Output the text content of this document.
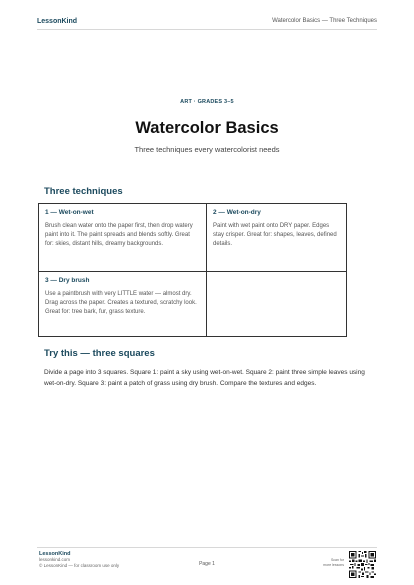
LessonKind	Watercolor Basics — Three Techniques
ART · GRADES 3–5
Watercolor Basics
Three techniques every watercolorist needs
Three techniques
1 — Wet-on-wet
Brush clean water onto the paper first, then drop watery paint into it. The paint spreads and blends softly. Great for: skies, distant hills, dreamy backgrounds.
2 — Wet-on-dry
Paint with wet paint onto DRY paper. Edges stay crisper. Great for: shapes, leaves, defined details.
3 — Dry brush
Use a paintbrush with very LITTLE water — almost dry. Drag across the paper. Creates a textured, scratchy look. Great for: tree bark, fur, grass texture.
Try this — three squares

Divide a page into 3 squares. Square 1: paint a sky using wet-on-wet. Square 2: paint three simple leaves using wet-on-dry. Square 3: paint a patch of grass using dry brush. Compare the textures and edges.

LessonKind
lessonkind.com
© LessonKind — for classroom use only	Page 1
Scan for
more lessons
